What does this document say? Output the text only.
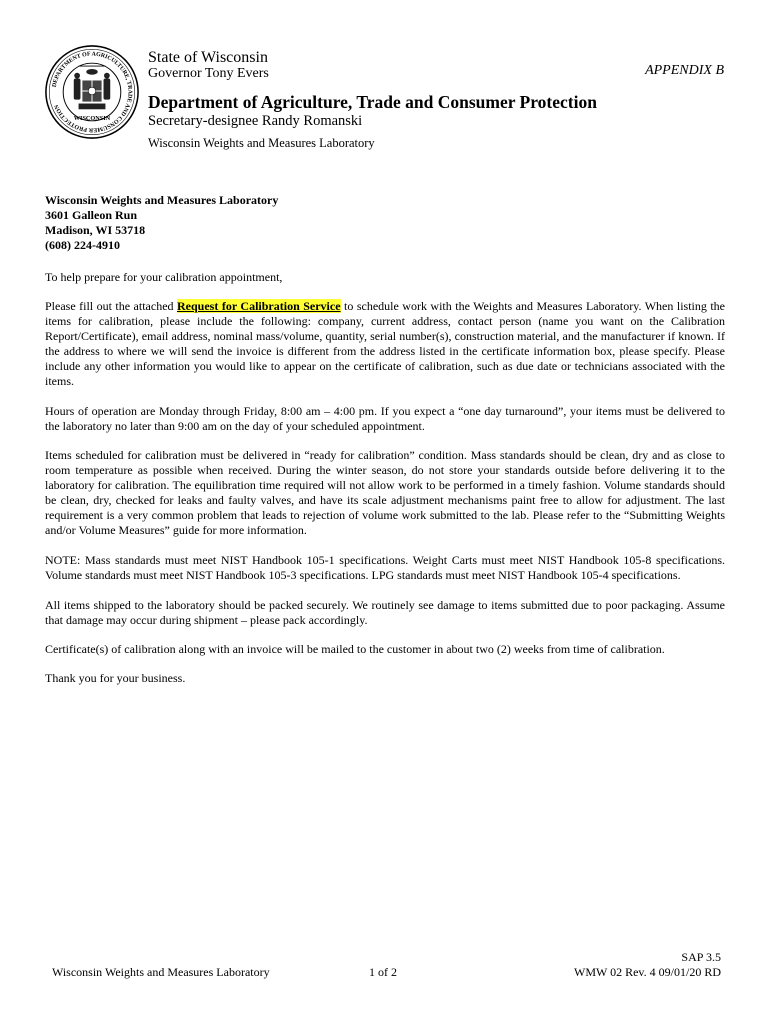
DEPARTMENT OF AGRICULTURE, TRADE AND CONSUMER PROTECTION
WISCONSIN
State of Wisconsin
Governor Tony Evers	APPENDIX B
Department of Agriculture, Trade and Consumer Protection
Secretary-designee Randy Romanski
Wisconsin Weights and Measures Laboratory
Wisconsin Weights and Measures Laboratory
3601 Galleon Run
Madison, WI 53718
(608) 224-4910
To help prepare for your calibration appointment,
Please fill out the attached Request for Calibration Service to schedule work with the Weights and Measures Laboratory. When listing the items for calibration, please include the following: company, current address, contact person (name you want on the Calibration Report/Certificate), email address, nominal mass/volume, quantity, serial number(s), construction material, and the manufacturer if known. If the address to where we will send the invoice is different from the address listed in the certificate information box, please specify. Please include any other information you would like to appear on the certificate of calibration, such as due date or technicians associated with the items.
Hours of operation are Monday through Friday, 8:00 am – 4:00 pm. If you expect a “one day turnaround”, your items must be delivered to the laboratory no later than 9:00 am on the day of your scheduled appointment.
Items scheduled for calibration must be delivered in “ready for calibration” condition. Mass standards should be clean, dry and as close to room temperature as possible when received. During the winter season, do not store your standards outside before delivering it to the laboratory for calibration. The equilibration time required will not allow work to be performed in a timely fashion. Volume standards should be clean, dry, checked for leaks and faulty valves, and have its scale adjustment mechanisms paint free to allow for adjustment. The last requirement is a very common problem that leads to rejection of volume work submitted to the lab. Please refer to the “Submitting Weights and/or Volume Measures” guide for more information.
NOTE: Mass standards must meet NIST Handbook 105-1 specifications. Weight Carts must meet NIST Handbook 105-8 specifications. Volume standards must meet NIST Handbook 105-3 specifications. LPG standards must meet NIST Handbook 105-4 specifications.
All items shipped to the laboratory should be packed securely. We routinely see damage to items submitted due to poor packaging. Assume that damage may occur during shipment – please pack accordingly.
Certificate(s) of calibration along with an invoice will be mailed to the customer in about two (2) weeks from time of calibration.
Thank you for your business.
Wisconsin Weights and Measures Laboratory	1 of 2
SAP 3.5
WMW 02 Rev. 4 09/01/20 RD
